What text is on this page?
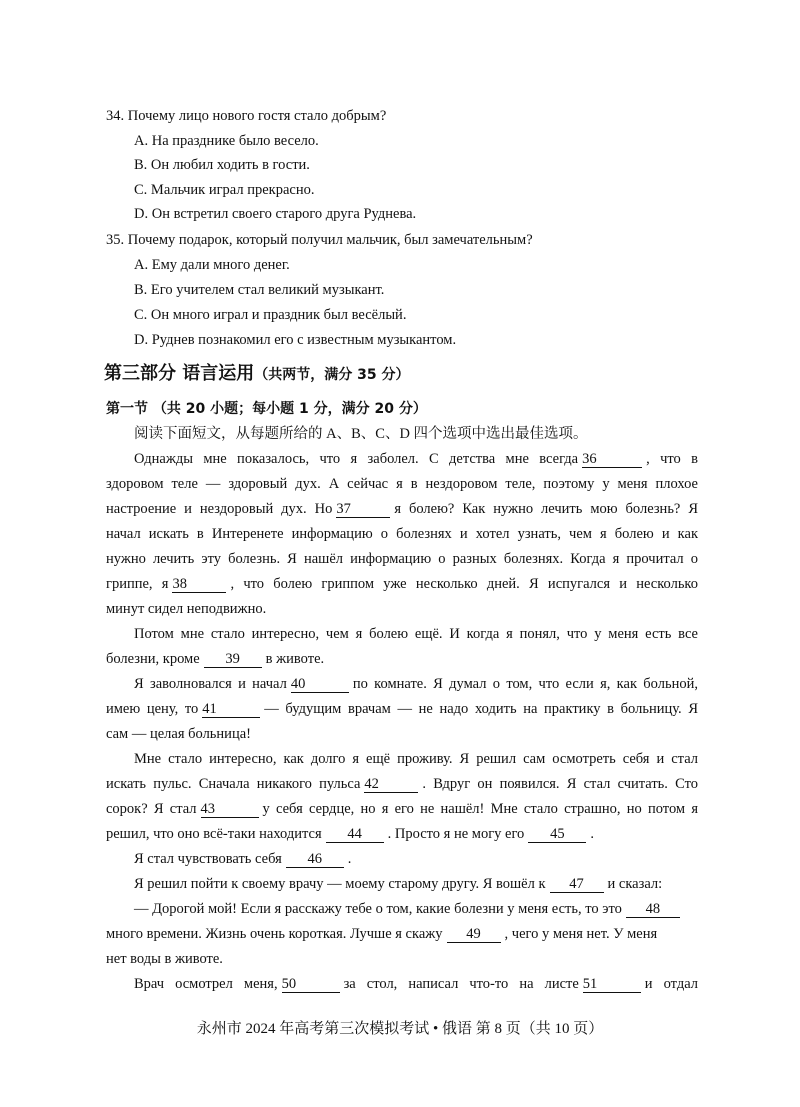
34. Почему лицо нового гостя стало добрым?
A. На празднике было весело.
B. Он любил ходить в гости.
C. Мальчик играл прекрасно.
D. Он встретил своего старого друга Руднева.
35. Почему подарок, который получил мальчик, был замечательным?
A. Ему дали много денег.
B. Его учителем стал великий музыкант.
C. Он много играл и праздник был весёлый.
D. Руднев познакомил его с известным музыкантом.
第三部分 语言运用（共两节，满分 35 分）
第一节 （共 20 小题；每小题 1 分，满分 20 分）
阅读下面短文，从每题所给的 A、B、C、D 四个选项中选出最佳选项。
Однажды мне показалось, что я заболел. С детства мне всегда 36	, что в
здоровом теле — здоровый дух. А сейчас я в нездоровом теле, поэтому у меня плохое
настроение и нездоровый дух. Но 37	я болею? Как нужно лечить мою болезнь? Я
начал искать в Интеренете информацию о болезнях и хотел узнать, чем я болею и как
нужно лечить эту болезнь. Я нашёл информацию о разных болезнях. Когда я прочитал о
гриппе, я 38	, что болею гриппом уже несколько дней. Я испугался и несколько
минут сидел неподвижно.
Потом мне стало интересно, чем я болею ещё. И когда я понял, что у меня есть все
болезни, кроме 39 в животе.
Я заволновался и начал 40	по комнате. Я думал о том, что если я, как больной,
имею цену, то 41	— будущим врачам — не надо ходить на практику в больницу. Я
сам — целая больница!
Мне стало интересно, как долго я ещё проживу. Я решил сам осмотреть себя и стал
искать пульс. Сначала никакого пульса 42	. Вдруг он появился. Я стал считать. Сто
сорок? Я стал 43	у себя сердце, но я его не нашёл! Мне стало страшно, но потом я
решил, что оно всё-таки находится 44 . Просто я не могу его 45 .
Я стал чувствовать себя 46 .
Я решил пойти к своему врачу — моему старому другу. Я вошёл к 47 и сказал:
— Дорогой мой! Если я расскажу тебе о том, какие болезни у меня есть, то это 48
много времени. Жизнь очень короткая. Лучше я скажу 49 , чего у меня нет. У меня
нет воды в животе.
Врач осмотрел меня, 50	за стол, написал что-то на листе 51	и отдал
永州市 2024 年高考第三次模拟考试 • 俄语 第 8 页（共 10 页）
